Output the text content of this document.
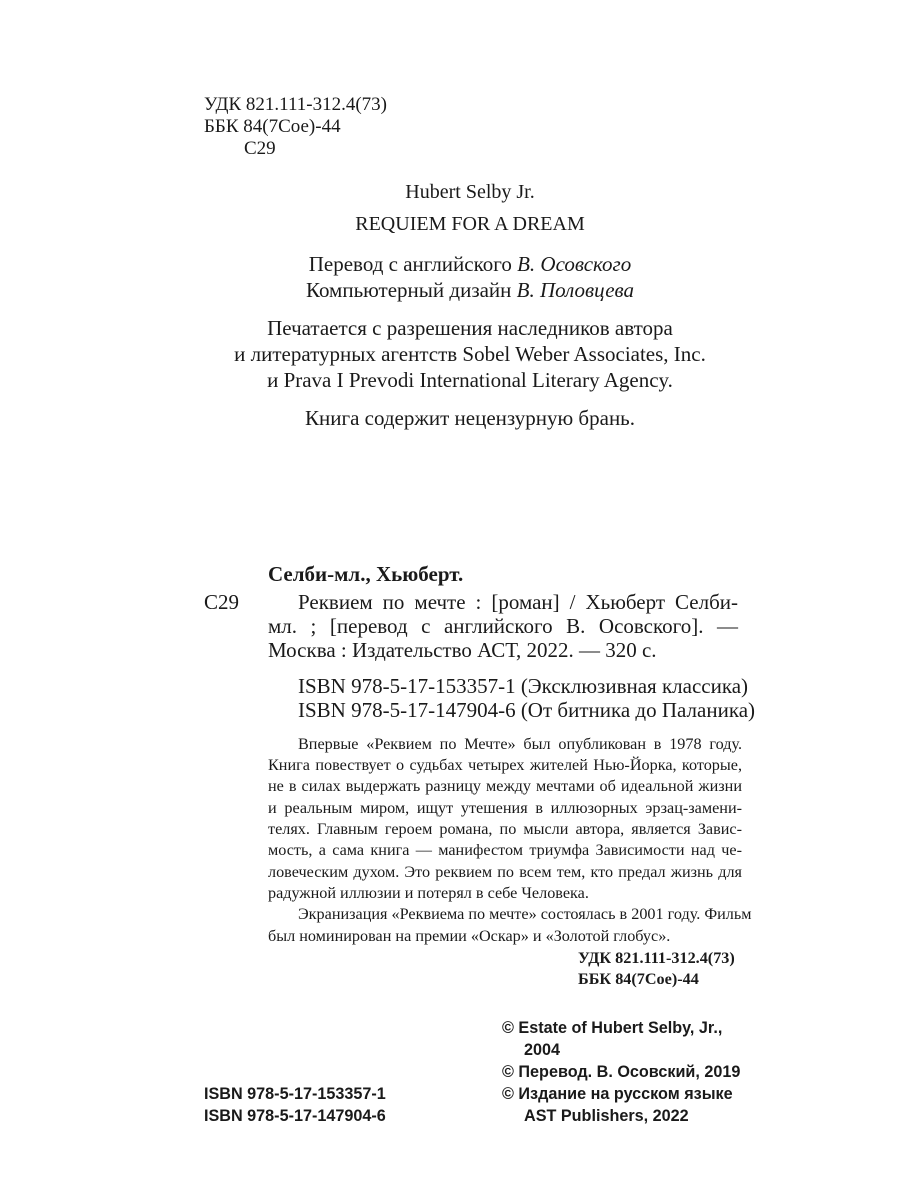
УДК 821.111-312.4(73)
ББК 84(7Сое)-44
С29
Hubert Selby Jr.
REQUIEM FOR A DREAM
Перевод с английского В. Осовского
Компьютерный дизайн В. Половцева
Печатается с разрешения наследников автора
и литературных агентств Sobel Weber Associates, Inc.
и Prava I Prevodi International Literary Agency.
Книга содержит нецензурную брань.
Селби-мл., Хьюберт.
С29	Реквием по мечте : [роман] / Хьюберт Селби-
мл. ; [перевод с английского В. Осовского]. —
Москва : Издательство АСТ, 2022. — 320 с.
ISBN 978-5-17-153357-1 (Эксклюзивная классика)
ISBN 978-5-17-147904-6 (От битника до Паланика)
Впервые «Реквием по Мечте» был опубликован в 1978 году.
Книга повествует о судьбах четырех жителей Нью-Йорка, которые,
не в силах выдержать разницу между мечтами об идеальной жизни
и реальным миром, ищут утешения в иллюзорных эрзац-замени-
телях. Главным героем романа, по мысли автора, является Завис-
мость, а сама книга — манифестом триумфа Зависимости над че-
ловеческим духом. Это реквием по всем тем, кто предал жизнь для
радужной иллюзии и потерял в себе Человека.
Экранизация «Реквиема по мечте» состоялась в 2001 году. Фильм
был номинирован на премии «Оскар» и «Золотой глобус».
УДК 821.111-312.4(73)
ББК 84(7Сое)-44
© Estate of Hubert Selby, Jr.,
2004
© Перевод. В. Осовский, 2019
© Издание на русском языке
AST Publishers, 2022
ISBN 978-5-17-153357-1
ISBN 978-5-17-147904-6
